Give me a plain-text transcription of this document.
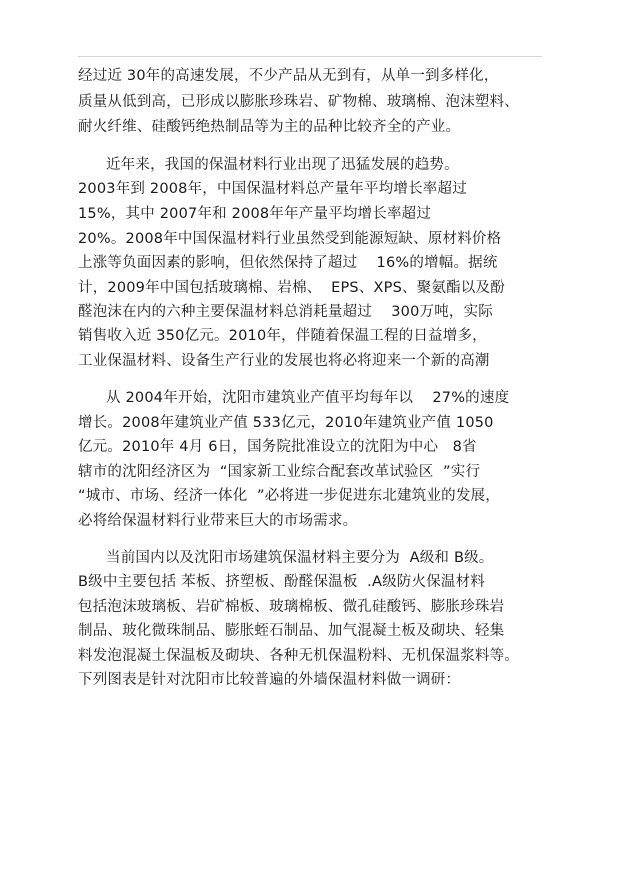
经过近 30年的高速发展，不少产品从无到有，从单一到多样化，
质量从低到高，已形成以膨胀珍珠岩、矿物棉、玻璃棉、泡沫塑料、
耐火纤维、硅酸钙绝热制品等为主的品种比较齐全的产业。
近年来，我国的保温材料行业出现了迅猛发展的趋势。
2003年到 2008年，中国保温材料总产量年平均增长率超过
15%，其中 2007年和 2008年年产量平均增长率超过
20%。2008年中国保温材料行业虽然受到能源短缺、原材料价格
上涨等负面因素的影响，但依然保持了超过    16%的增幅。据统
计，2009年中国包括玻璃棉、岩棉、  EPS、XPS、聚氨酯以及酚
醛泡沫在内的六种主要保温材料总消耗量超过    300万吨，实际
销售收入近 350亿元。2010年，伴随着保温工程的日益增多，
工业保温材料、设备生产行业的发展也将必将迎来一个新的高潮
从 2004年开始，沈阳市建筑业产值平均每年以    27%的速度
增长。2008年建筑业产值 533亿元，2010年建筑业产值 1050
亿元。2010年 4月 6日，国务院批准设立的沈阳为中心   8省
辖市的沈阳经济区为  “国家新工业综合配套改革试验区  ”实行
“城市、市场、经济一体化  ”必将进一步促进东北建筑业的发展，
必将给保温材料行业带来巨大的市场需求。
当前国内以及沈阳市场建筑保温材料主要分为  A级和 B级。
B级中主要包括 苯板、挤塑板、酚醛保温板  .A级防火保温材料
包括泡沫玻璃板、岩矿棉板、玻璃棉板、微孔硅酸钙、膨胀珍珠岩
制品、玻化微珠制品、膨胀蛭石制品、加气混凝土板及砌块、轻集
料发泡混凝土保温板及砌块、各种无机保温粉料、无机保温浆料等。
下列图表是针对沈阳市比较普遍的外墙保温材料做一调研：
